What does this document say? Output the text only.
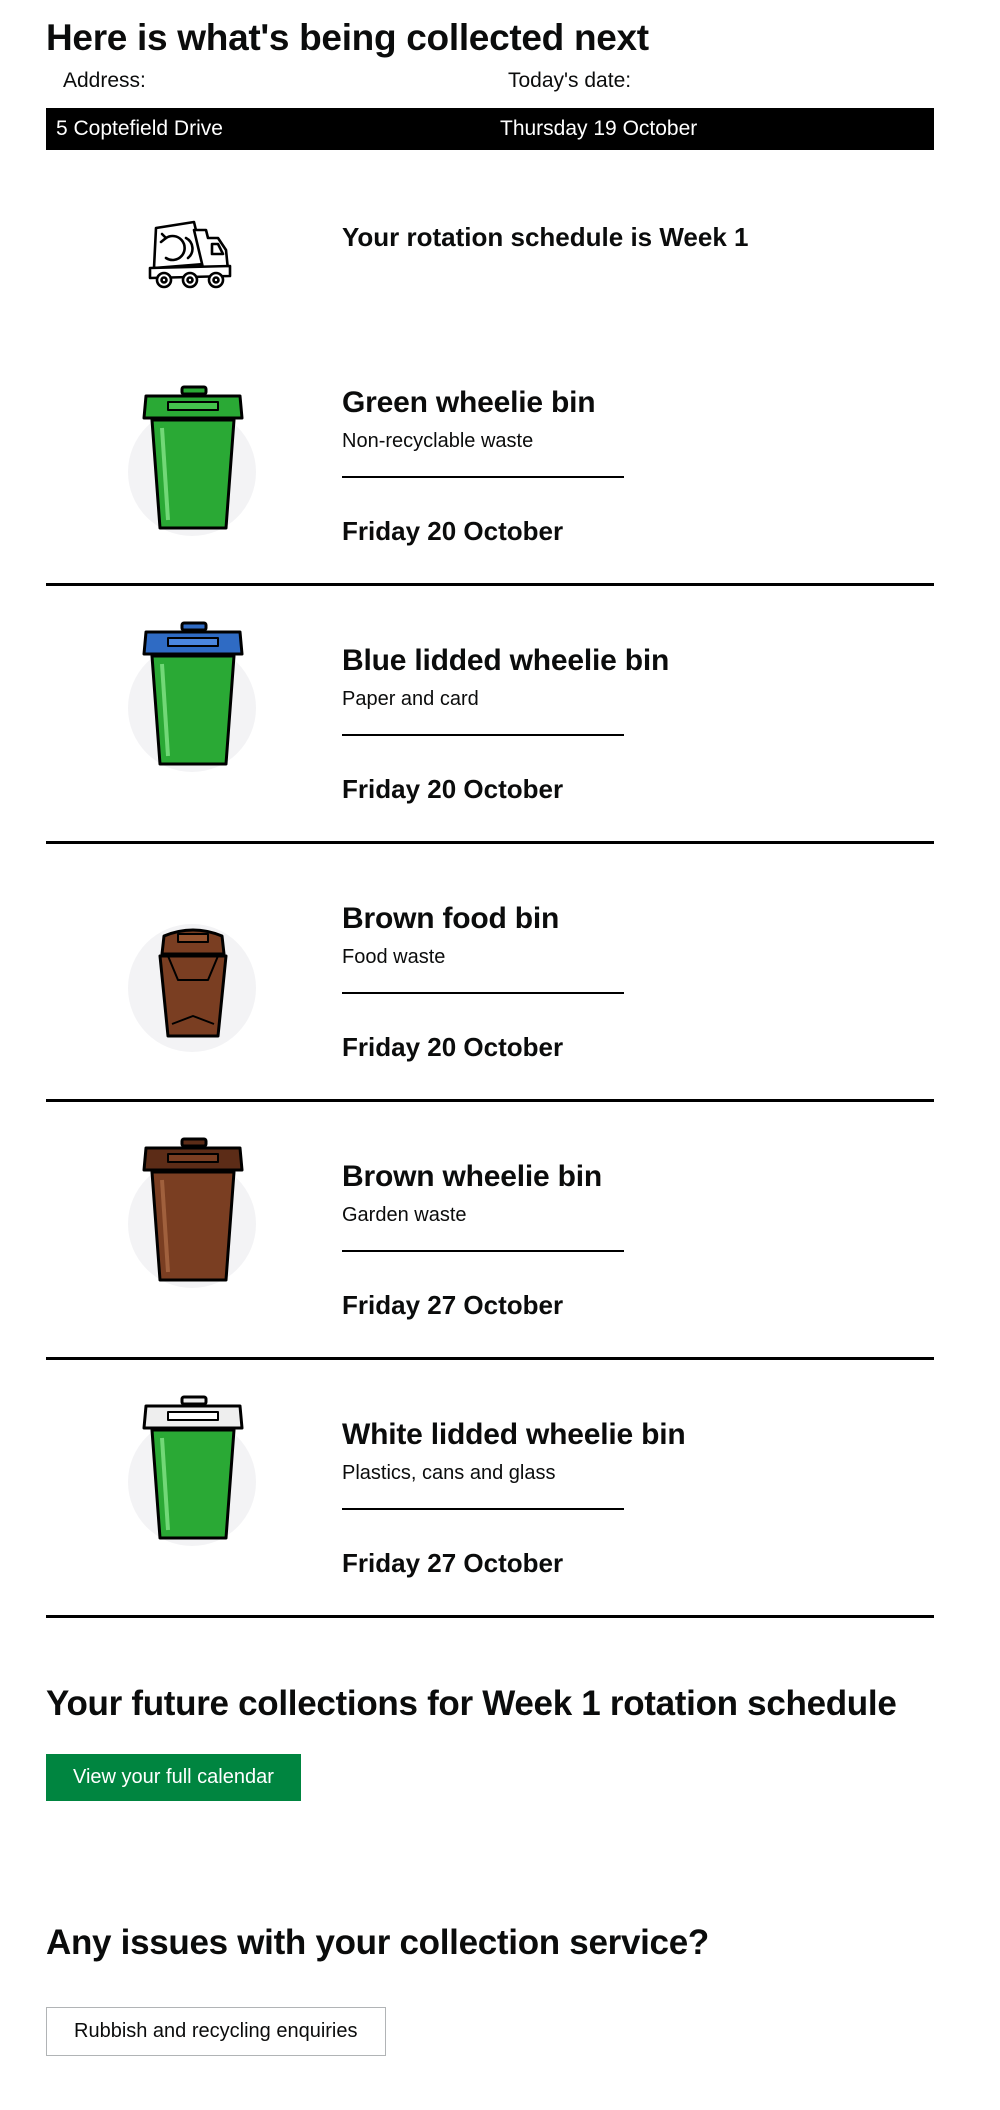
Here is what's being collected next
Address:	Today's date:
5 Coptefield Drive	Thursday 19 October
Your rotation schedule is Week 1
Green wheelie bin
Non-recyclable waste
Friday 20 October
Blue lidded wheelie bin
Paper and card
Friday 20 October
Brown food bin
Food waste
Friday 20 October
Brown wheelie bin
Garden waste
Friday 27 October
White lidded wheelie bin
Plastics, cans and glass
Friday 27 October
Your future collections for Week 1 rotation schedule
View your full calendar
Any issues with your collection service?
Rubbish and recycling enquiries
